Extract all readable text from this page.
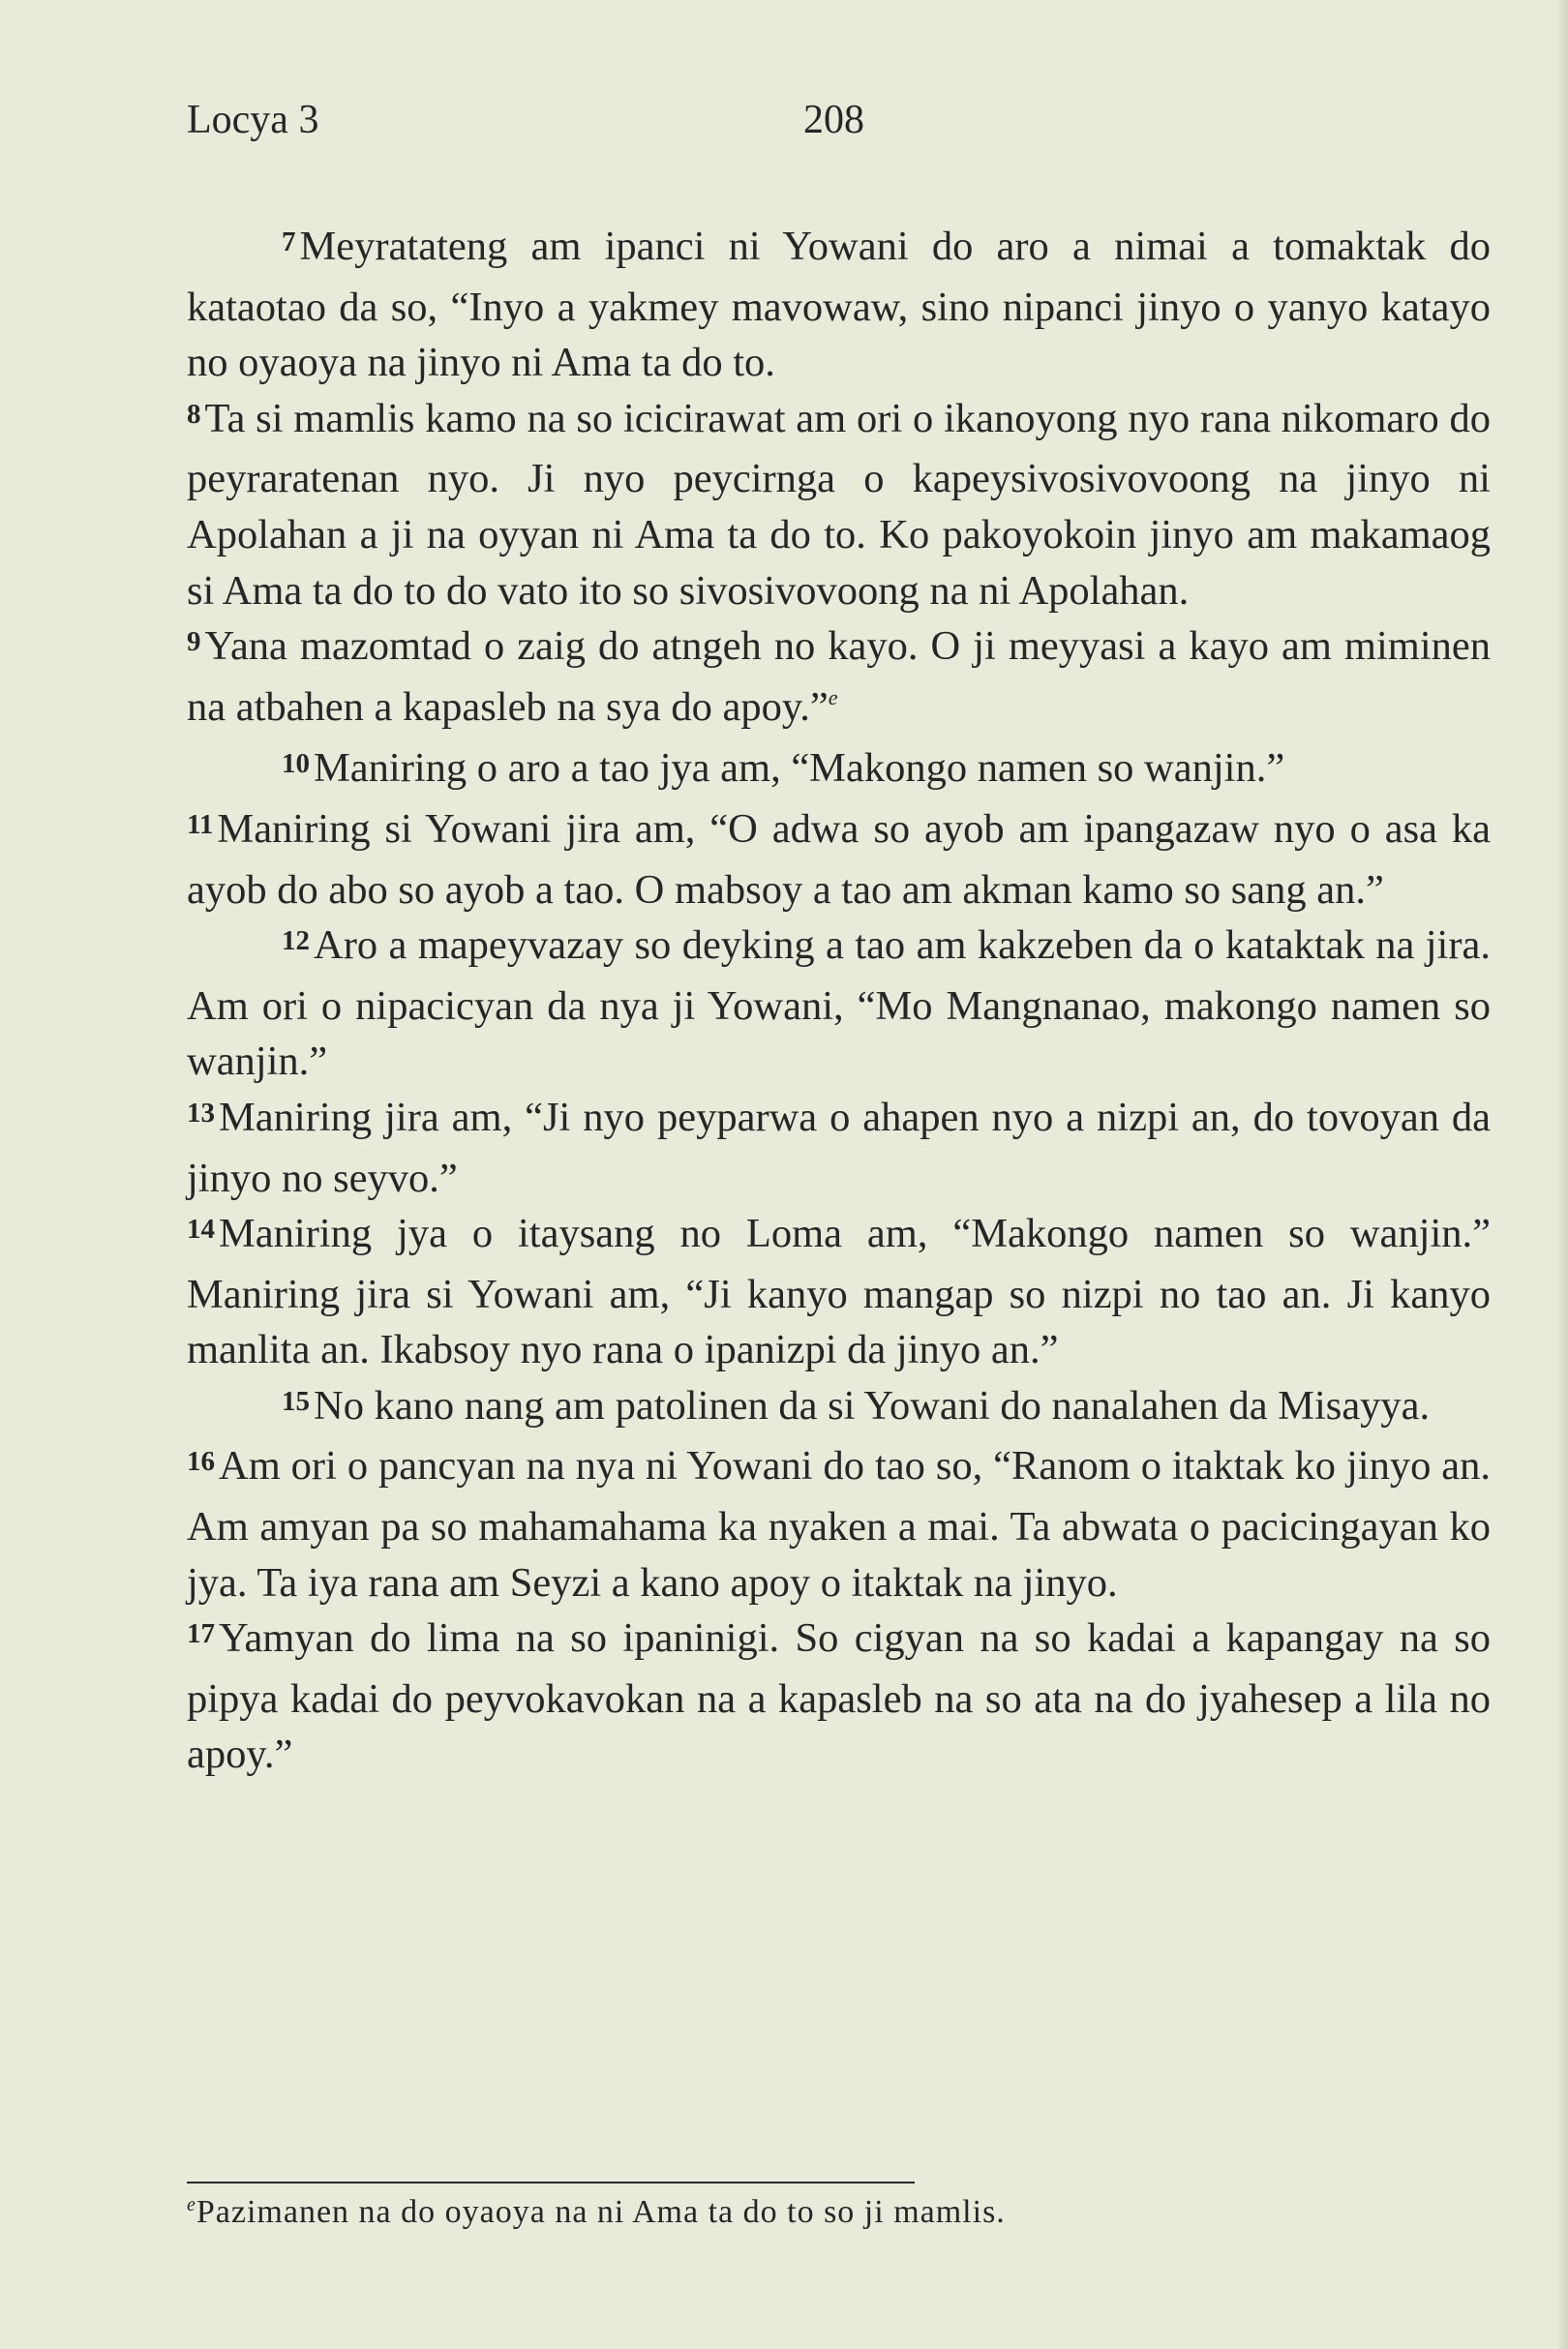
Locya 3	208

$^7$Meyratateng am ipanci ni Yowani do aro a nimai a tomaktak do kataotao da so, “Inyo a yakmey mavowaw, sino nipanci jinyo o yanyo katayo no oyaoya na jinyo ni Ama ta do to.

$^8$Ta si mamlis kamo na so icicirawat am ori o ikanoyong nyo rana nikomaro do peyraratenan nyo. Ji nyo peycirnga o kapeysivosivovoong na jinyo ni Apolahan a ji na oyyan ni Ama ta do to. Ko pakoyokoin jinyo am makamaog si Ama ta do to do vato ito so sivosivovoong na ni Apolahan.

$^9$Yana mazomtad o zaig do atngeh no kayo. O ji meyyasi a kayo am miminen na atbahen a kapasleb na sya do apoy.”$^e$

$^{10}$Maniring o aro a tao jya am, “Makongo namen so wanjin.”

$^{11}$Maniring si Yowani jira am, “O adwa so ayob am ipangazaw nyo o asa ka ayob do abo so ayob a tao. O mabsoy a tao am akman kamo so sang an.”

$^{12}$Aro a mapeyvazay so deyking a tao am kakzeben da o kataktak na jira. Am ori o nipacicyan da nya ji Yowani, “Mo Mangnanao, makongo namen so wanjin.”

$^{13}$Maniring jira am, “Ji nyo peyparwa o ahapen nyo a nizpi an, do tovoyan da jinyo no seyvo.”

$^{14}$Maniring jya o itaysang no Loma am, “Makongo namen so wanjin.” Maniring jira si Yowani am, “Ji kanyo mangap so nizpi no tao an. Ji kanyo manlita an. Ikabsoy nyo rana o ipanizpi da jinyo an.”

$^{15}$No kano nang am patolinen da si Yowani do nanalahen da Misayya.

$^{16}$Am ori o pancyan na nya ni Yowani do tao so, “Ranom o itaktak ko jinyo an. Am amyan pa so mahamahama ka nyaken a mai. Ta abwata o pacicingayan ko jya. Ta iya rana am Seyzi a kano apoy o itaktak na jinyo.

$^{17}$Yamyan do lima na so ipaninigi. So cigyan na so kadai a kapangay na so pipya kadai do peyvokavokan na a kapasleb na so ata na do jyahesep a lila no apoy.”

$^e$Pazimanen na do oyaoya na ni Ama ta do to so ji mamlis.
